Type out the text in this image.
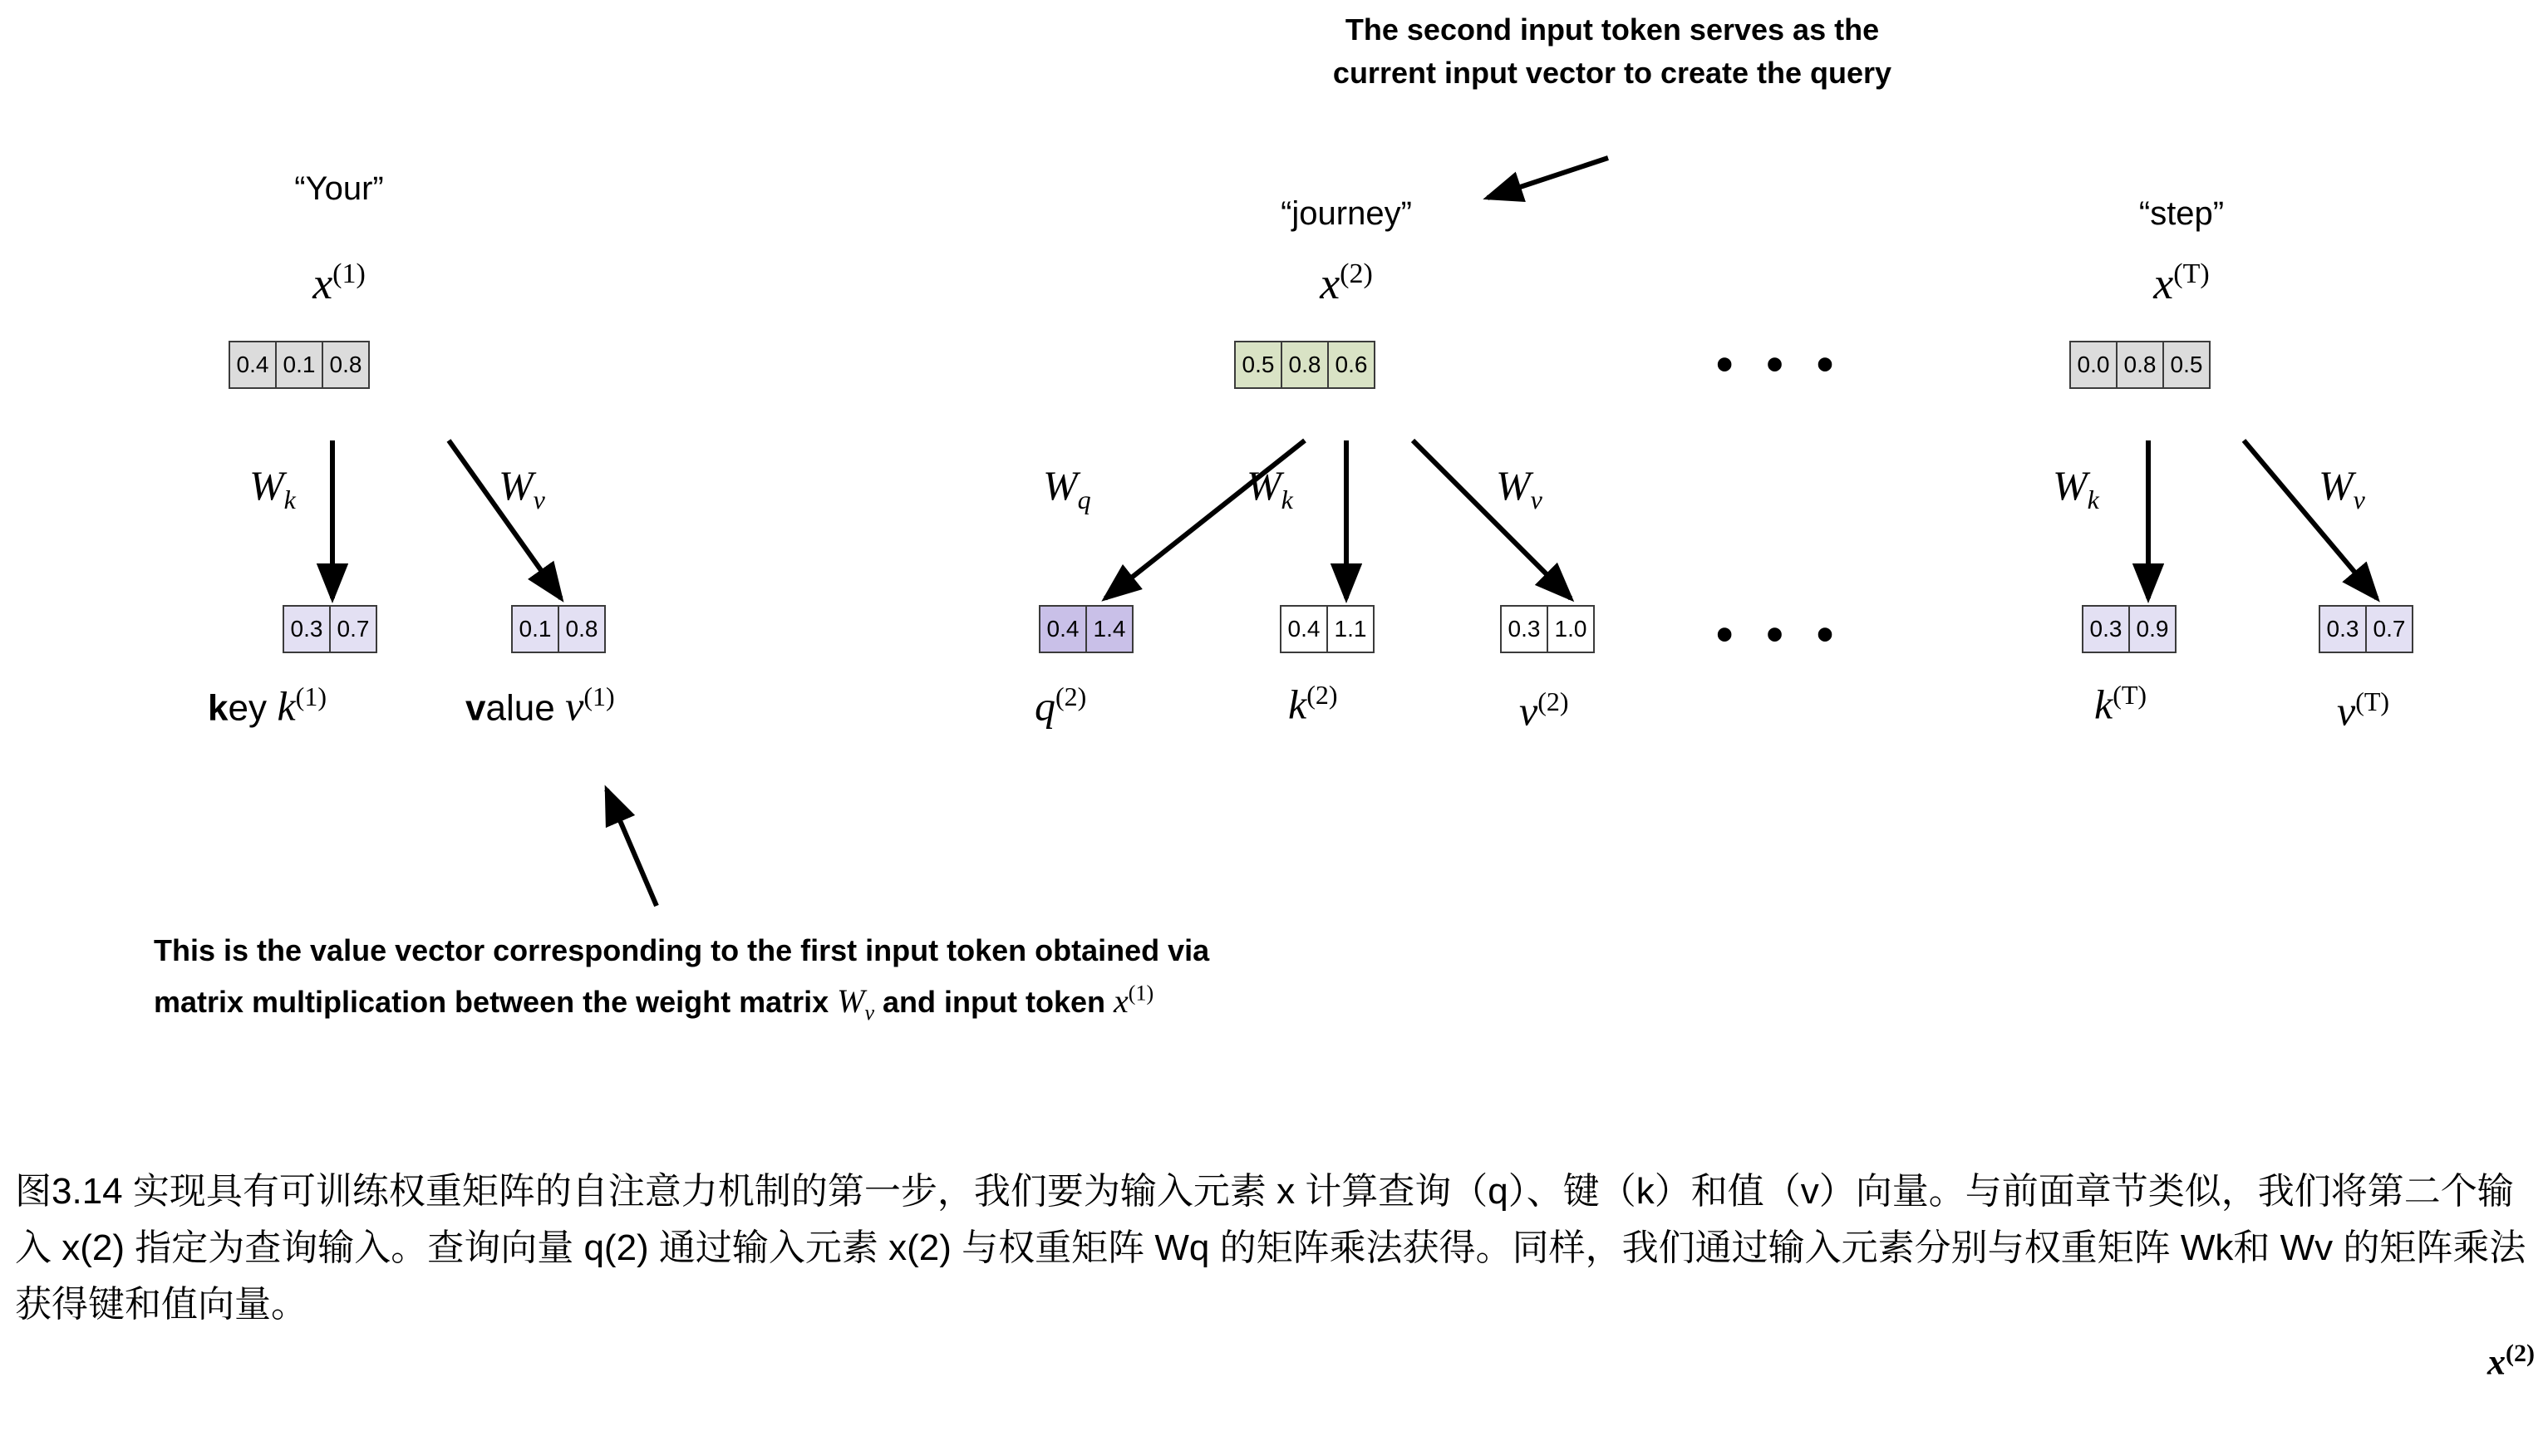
The second input token serves as the
current input vector to create the query
“Your”
$x^{(1)}$
0.4 0.1 0.8
$W_k$	$W_v$
0.3 0.7	0.1 0.8
key $k^{(1)}$	value $v^{(1)}$
“journey”
$x^{(2)}$
0.5 0.8 0.6
$W_q$	$W_k$	$W_v$
0.4 1.4	0.4 1.1	0.3 1.0
$q^{(2)}$	$k^{(2)}$	$v^{(2)}$
“step”
$x^{(T)}$
0.0 0.8 0.5
$W_k$	$W_v$
0.3 0.9	0.3 0.7
$k^{(T)}$	$v^{(T)}$
• • •
• • •
This is the value vector corresponding to the first input token obtained via
matrix multiplication between the weight matrix $W_v$ and input token $x^{(1)}$
图3.14 实现具有可训练权重矩阵的自注意力机制的第一步，我们要为输入元素 x 计算查询（q）、键（k）和值（v）向量。与前面章节类似，我们将第二个输入 x(2) 指定为查询输入。查询向量 q(2) 通过输入元素 x(2) 与权重矩阵 Wq 的矩阵乘法获得。同样，我们通过输入元素分别与权重矩阵 Wk和 Wv 的矩阵乘法获得键和值向量。
$x^{(2)}$
